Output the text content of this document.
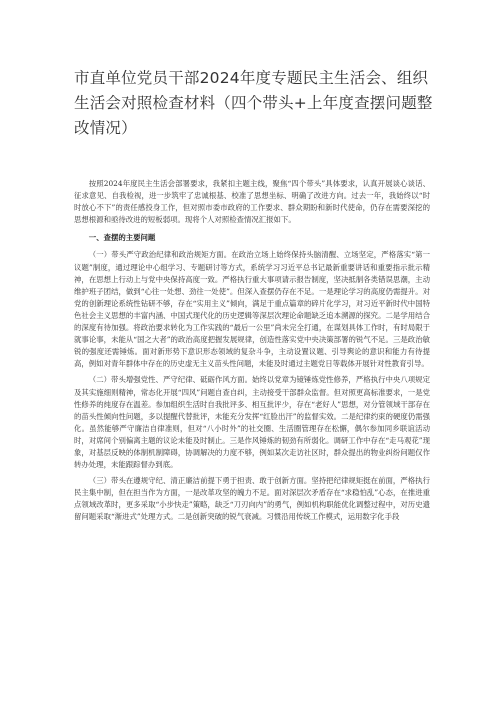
市直单位党员干部2024年度专题民主生活会、组织生活会对照检查材料（四个带头+上年度查摆问题整改情况）

按照2024年度民主生活会部署要求，我紧扣主题主线，聚焦“四个带头”具体要求，认真开展谈心谈话、征求意见、自我检视，进一步筑牢了忠诚根基、校准了思想坐标、明确了改进方向。过去一年，我始终以“时时放心不下”的责任感投身工作，但对照市委市政府的工作要求、群众期盼和新时代使命，仍存在需要深挖的思想根源和亟待改进的短板弱项。现将个人对照检查情况汇报如下。

一、查摆的主要问题

（一）带头严守政治纪律和政治规矩方面。在政治立场上始终保持头脑清醒、立场坚定，严格落实“第一议题”制度，通过理论中心组学习、专题研讨等方式，系统学习习近平总书记最新重要讲话和重要指示批示精神，在思想上行动上与党中央保持高度一致。严格执行重大事项请示报告制度，坚决抵制各类错误思潮，主动维护班子团结，做到“心往一处想、劲往一处使”。但深入查摆仍存在不足。一是理论学习的高度仍需提升。对党的创新理论系统性钻研不够，存在“实用主义”倾向，满足于重点篇章的碎片化学习，对习近平新时代中国特色社会主义思想的丰富内涵、中国式现代化的历史逻辑等深层次理论命题缺乏追本溯源的探究。二是学用结合的深度有待加强。将政治要求转化为工作实践的“最后一公里”尚未完全打通，在谋划具体工作时，有时局限于就事论事，未能从“国之大者”的政治高度把握发展规律，创造性落实党中央决策部署的锐气不足。三是政治敏锐的强度还需锤炼。面对新形势下意识形态领域的复杂斗争，主动设置议题、引导舆论的意识和能力有待提高，例如对青年群体中存在的历史虚无主义苗头性问题，未能及时通过主题党日等载体开展针对性教育引导。

（二）带头增强党性、严守纪律、砥砺作风方面。始终以党章为镜锤炼党性修养，严格执行中央八项规定及其实施细则精神，常态化开展“四风”问题自查自纠，主动接受干部群众监督。但对照更高标准要求，一是党性修养的纯度存在温差。参加组织生活时自我批评多、相互批评少，存在“老好人”思想，对分管领域干部存在的苗头性倾向性问题，多以提醒代替批评，未能充分发挥“红脸出汗”的监督实效。二是纪律约束的硬度仍需强化。虽然能够严守廉洁自律准则，但对“八小时外”的社交圈、生活圈管理存在松懈，偶尔参加同乡联谊活动时，对席间个别偏离主题的议论未能及时制止。三是作风锤炼的韧劲有所弱化。调研工作中存在“走马观花”现象，对基层反映的体制机制障碍，协调解决的力度不够，例如某次走访社区时，群众提出的物业纠纷问题仅作转办处理，未能跟踪督办到底。

（三）带头在遵规守纪、清正廉洁前提下勇于担责、敢于创新方面。坚持把纪律规矩挺在前面，严格执行民主集中制，但在担当作为方面，一是改革攻坚的魄力不足。面对深层次矛盾存在“求稳怕乱”心态，在推进重点领域改革时，更多采取“小步快走”策略，缺乏“刀刃向内”的勇气，例如机构职能优化调整过程中，对历史遗留问题采取“渐进式”处理方式。二是创新突破的锐气衰减。习惯沿用传统工作模式，运用数字化手段
